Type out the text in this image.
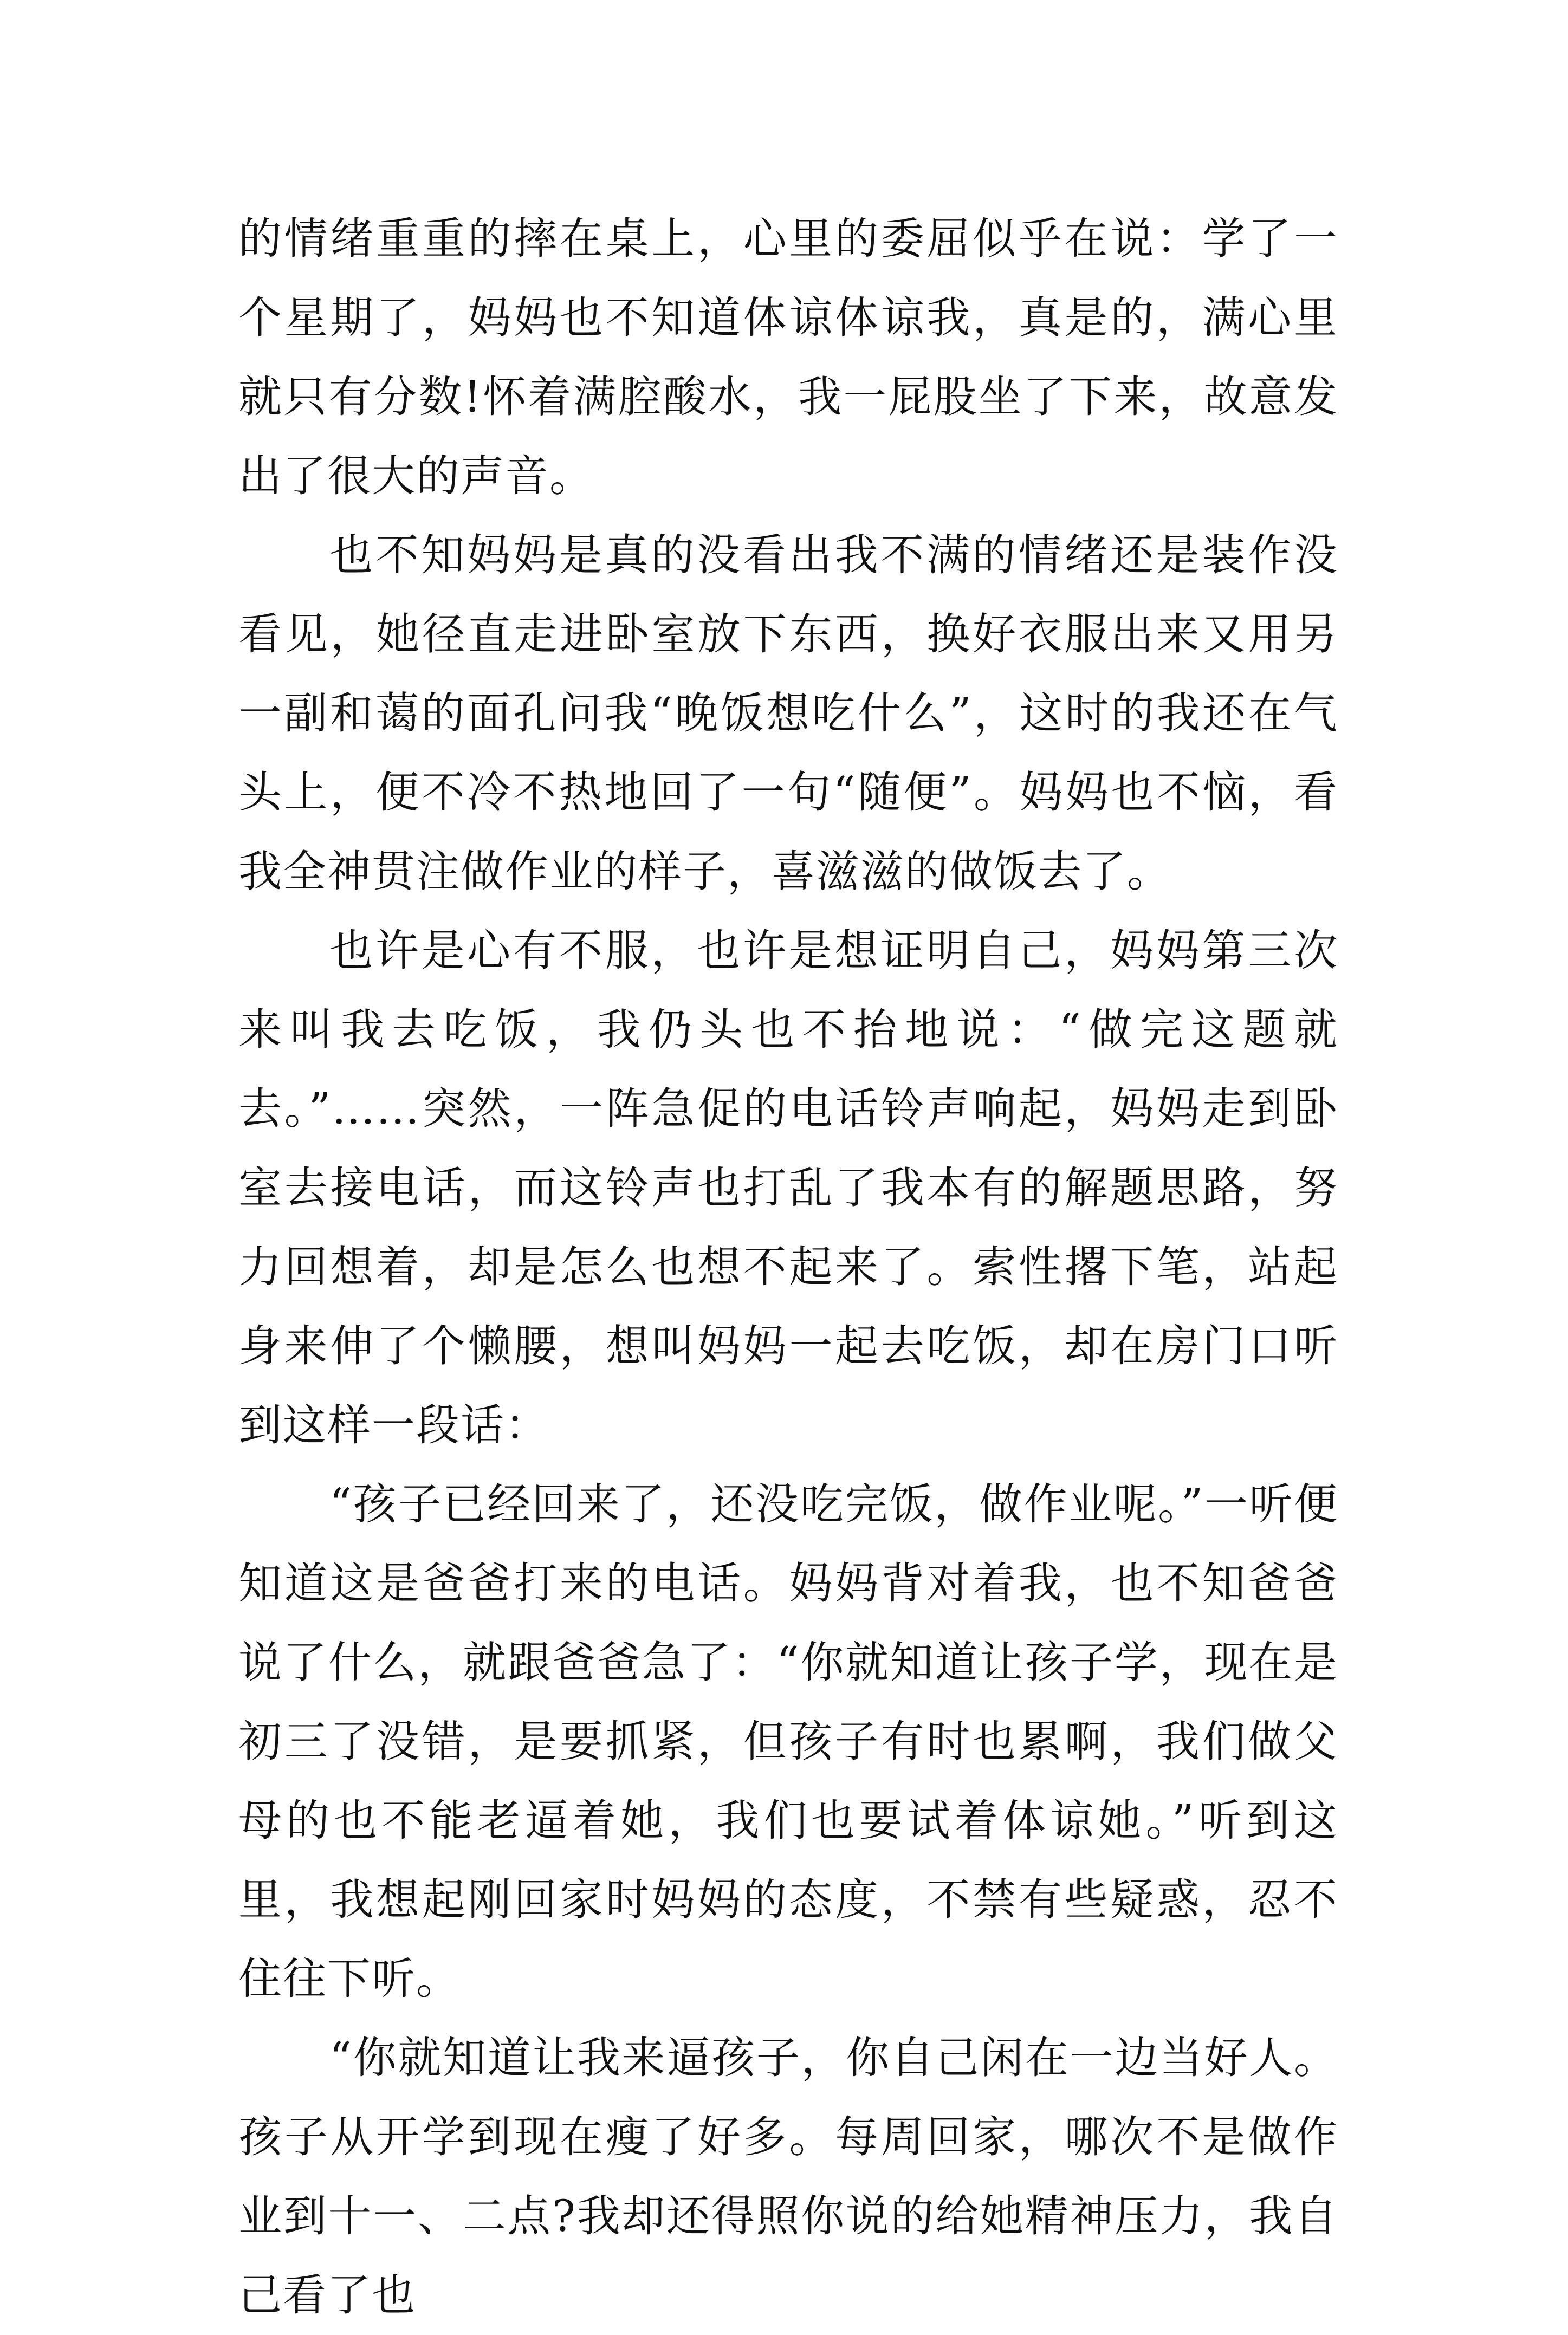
的情绪重重的摔在桌上，心里的委屈似乎在说：学了一个星期了，妈妈也不知道体谅体谅我，真是的，满心里就只有分数!怀着满腔酸水，我一屁股坐了下来，故意发出了很大的声音。

也不知妈妈是真的没看出我不满的情绪还是装作没看见，她径直走进卧室放下东西，换好衣服出来又用另一副和蔼的面孔问我“晚饭想吃什么”，这时的我还在气头上，便不冷不热地回了一句“随便”。妈妈也不恼，看我全神贯注做作业的样子，喜滋滋的做饭去了。

也许是心有不服，也许是想证明自己，妈妈第三次来叫我去吃饭，我仍头也不抬地说：“做完这题就去。”……突然，一阵急促的电话铃声响起，妈妈走到卧室去接电话，而这铃声也打乱了我本有的解题思路，努力回想着，却是怎么也想不起来了。索性撂下笔，站起身来伸了个懒腰，想叫妈妈一起去吃饭，却在房门口听到这样一段话：

“孩子已经回来了，还没吃完饭，做作业呢。”一听便知道这是爸爸打来的电话。妈妈背对着我，也不知爸爸说了什么，就跟爸爸急了：“你就知道让孩子学，现在是初三了没错，是要抓紧，但孩子有时也累啊，我们做父母的也不能老逼着她，我们也要试着体谅她。”听到这里，我想起刚回家时妈妈的态度，不禁有些疑惑，忍不住往下听。

“你就知道让我来逼孩子，你自己闲在一边当好人。孩子从开学到现在瘦了好多。每周回家，哪次不是做作业到十一、二点?我却还得照你说的给她精神压力，我自己看了也
